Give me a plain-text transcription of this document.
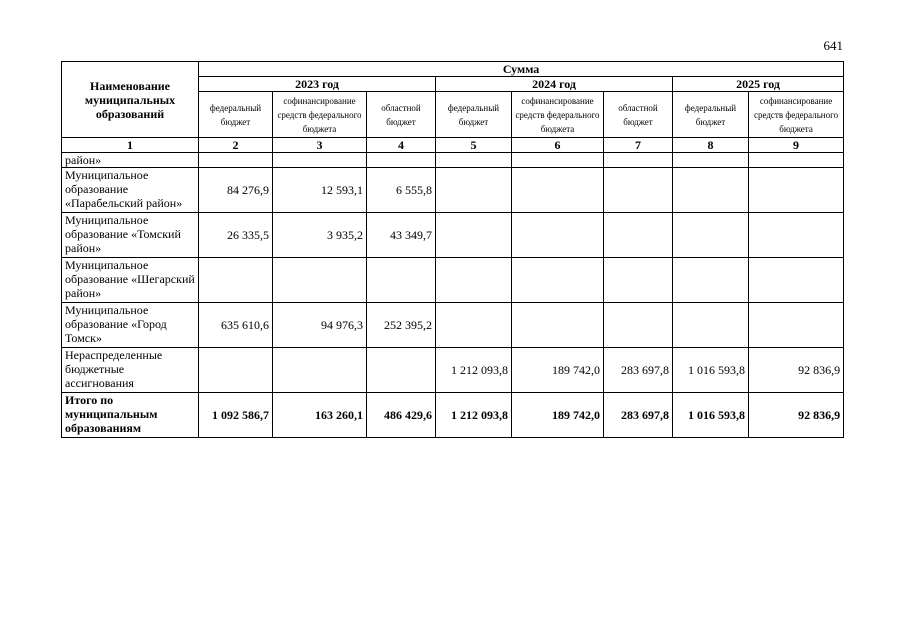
641
Наименование муниципальных образований	Сумма							
	2023 год			2024 год			2025 год	
	федеральный бюджет	софинансирование средств федерального бюджета	областной бюджет	федеральный бюджет	софинансирование средств федерального бюджета	областной бюджет	федеральный бюджет	софинансирование средств федерального бюджета
1	2	3	4	5	6	7	8	9
район»								
Муниципальное образование «Парабельский район»	84 276,9	12 593,1	6 555,8					
Муниципальное образование «Томский район»	26 335,5	3 935,2	43 349,7					
Муниципальное образование «Шегарский район»								
Муниципальное образование «Город Томск»	635 610,6	94 976,3	252 395,2					
Нераспределенные бюджетные ассигнования				1 212 093,8	189 742,0	283 697,8	1 016 593,8	92 836,9
Итого по муниципальным образованиям	1 092 586,7	163 260,1	486 429,6	1 212 093,8	189 742,0	283 697,8	1 016 593,8	92 836,9
